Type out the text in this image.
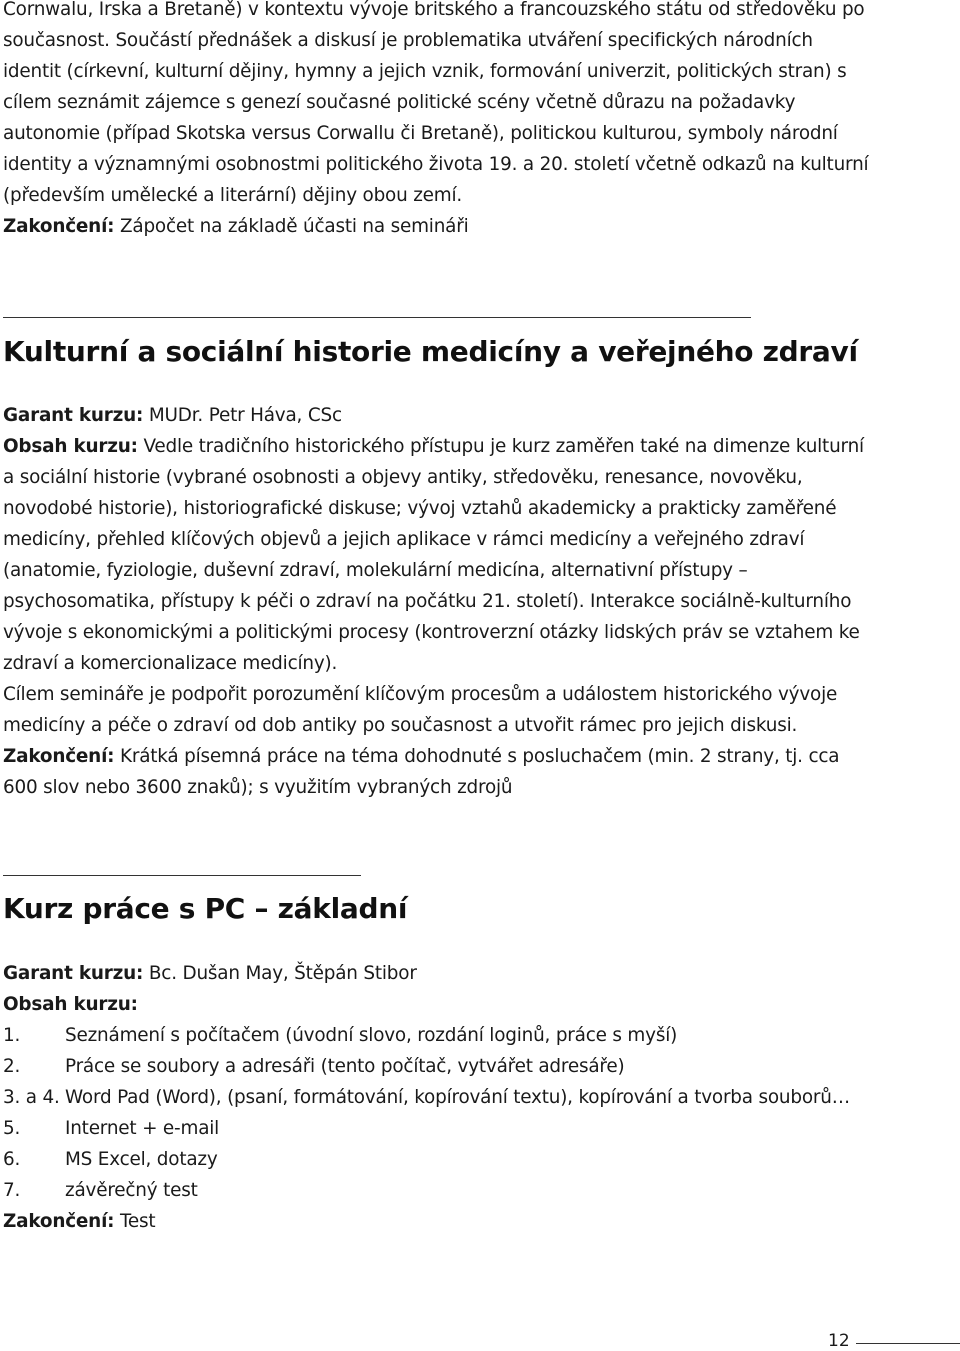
Cornwalu, Irska a Bretaně) v kontextu vývoje britského a francouzského státu od středověku po současnost. Součástí přednášek a diskusí je problematika utváření specifických národních identit (církevní, kulturní dějiny, hymny a jejich vznik, formování univerzit, politických stran) s cílem seznámit zájemce s genezí současné politické scény včetně důrazu na požadavky autonomie (případ Skotska versus Corwallu či Bretaně), politickou kulturou, symboly národní identity a významnými osobnostmi politického života 19. a 20. století včetně odkazů na kulturní (především umělecké a literární) dějiny obou zemí.

Zakončení: Zápočet na základě účasti na semináři

Kulturní a sociální historie medicíny a veřejného zdraví

Garant kurzu: MUDr. Petr Háva, CSc

Obsah kurzu: Vedle tradičního historického přístupu je kurz zaměřen také na dimenze kulturní a sociální historie (vybrané osobnosti a objevy antiky, středověku, renesance, novověku, novodobé historie), historiografické diskuse; vývoj vztahů akademicky a prakticky zaměřené medicíny, přehled klíčových objevů a jejich aplikace v rámci medicíny a veřejného zdraví (anatomie, fyziologie, duševní zdraví, molekulární medicína, alternativní přístupy – psychosomatika, přístupy k péči o zdraví na počátku 21. století). Interakce sociálně-kulturního vývoje s ekonomickými a politickými procesy (kontroverzní otázky lidských práv se vztahem ke zdraví a komercionalizace medicíny).

Cílem semináře je podpořit porozumění klíčovým procesům a událostem historického vývoje medicíny a péče o zdraví od dob antiky po současnost a utvořit rámec pro jejich diskusi.

Zakončení: Krátká písemná práce na téma dohodnuté s posluchačem (min. 2 strany, tj. cca 600 slov nebo 3600 znaků); s využitím vybraných zdrojů

Kurz práce s PC – základní

Garant kurzu: Bc. Dušan May, Štěpán Stibor

Obsah kurzu:

1.	Seznámení s počítačem (úvodní slovo, rozdání loginů, práce s myší)
2.	Práce se soubory a adresáři (tento počítač, vytvářet adresáře)
3. a 4. Word Pad (Word), (psaní, formátování, kopírování textu), kopírování a tvorba souborů…
5.	Internet + e-mail
6.	MS Excel, dotazy
7.	závěrečný test

Zakončení: Test

12
